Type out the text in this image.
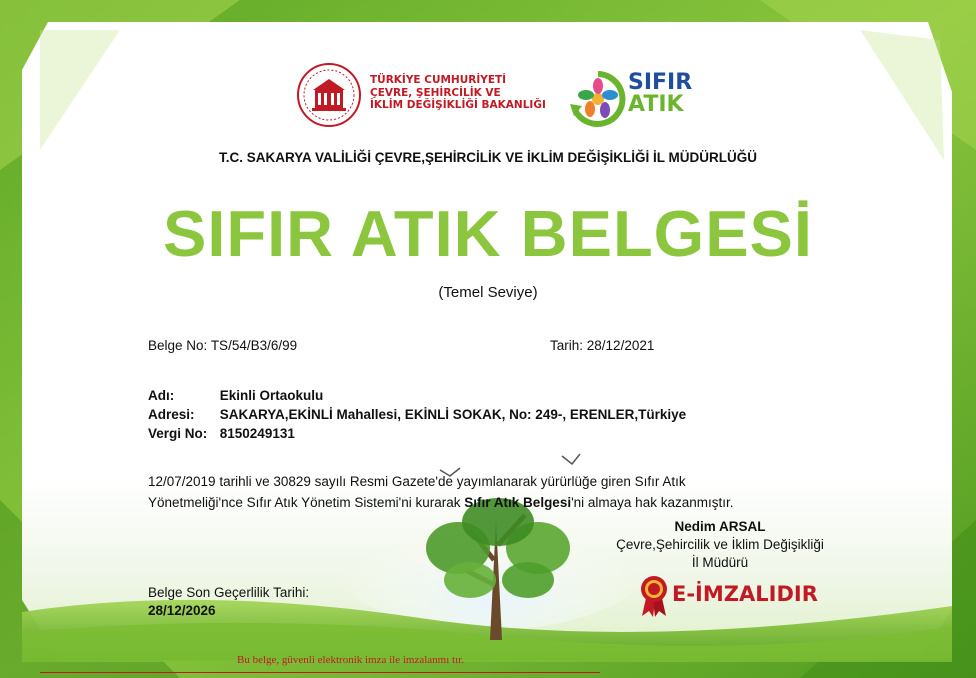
TÜRKİYE CUMHURİYETİ
ÇEVRE, ŞEHİRCİLİK VE
İKLİM DEĞİŞİKLİĞİ BAKANLIĞI
SIFIR
ATIK
T.C. SAKARYA VALİLİĞİ ÇEVRE,ŞEHİRCİLİK VE İKLİM DEĞİŞİKLİĞİ İL MÜDÜRLÜĞÜ
SIFIR ATIK BELGESİ
(Temel Seviye)
Belge No: TS/54/B3/6/99	Tarih: 28/12/2021
Adı:	Ekinli Ortaokulu
Adresi: SAKARYA,EKİNLİ Mahallesi, EKİNLİ SOKAK, No: 249-, ERENLER,Türkiye
Vergi No: 8150249131

12/07/2019 tarihli ve 30829 sayılı Resmi Gazete'de yayımlanarak yürürlüğe giren Sıfır Atık

Yönetmeliği'nce Sıfır Atık Yönetim Sistemi'ni kurarak Sıfır Atık Belgesi'ni almaya hak kazanmıştır.

Nedim ARSAL
Çevre,Şehircilik ve İklim Değişikliği
İl Müdürü
E-İMZALIDIR
Belge Son Geçerlilik Tarihi:
28/12/2026
Bu belge, güvenli elektronik imza ile imzalanmı tır.
